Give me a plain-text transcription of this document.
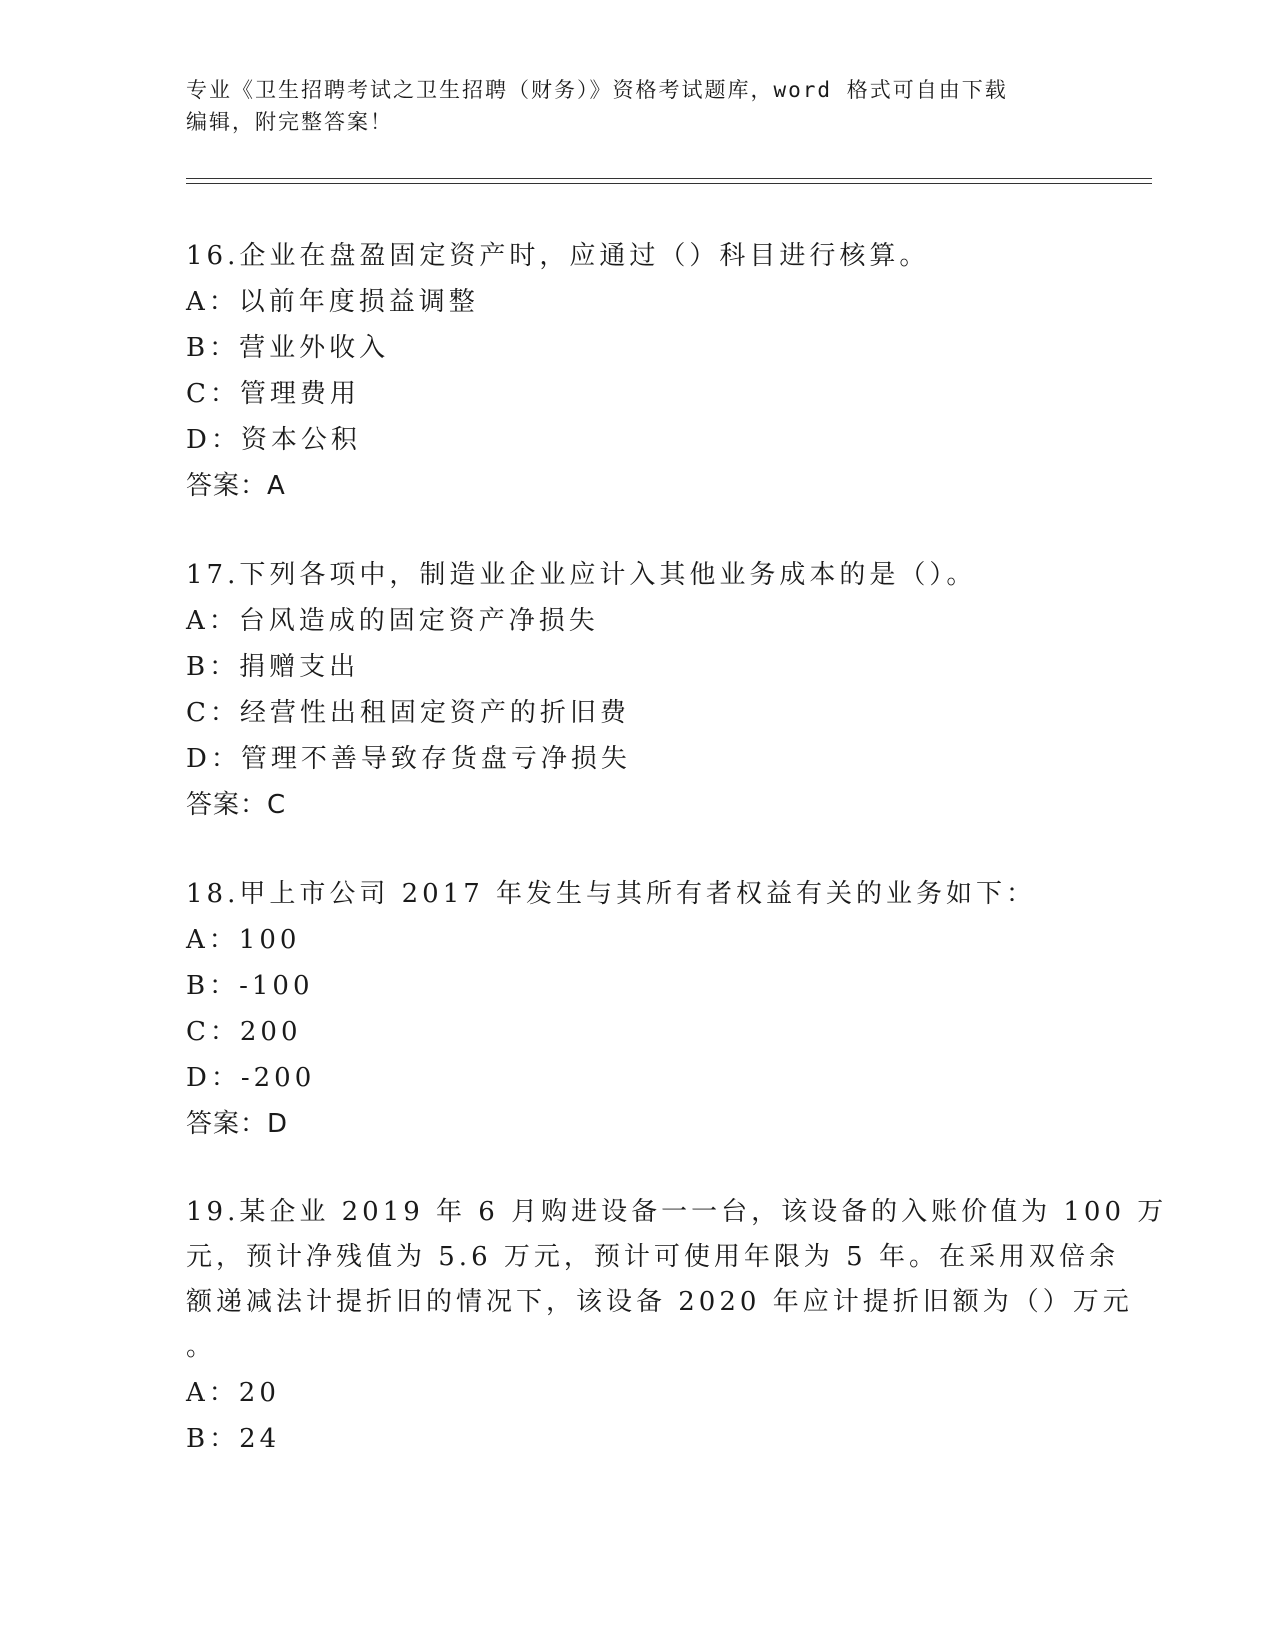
专业《卫生招聘考试之卫生招聘（财务）》资格考试题库，word 格式可自由下载
编辑，附完整答案！
16.企业在盘盈固定资产时，应通过（）科目进行核算。
A：以前年度损益调整
B：营业外收入
C：管理费用
D：资本公积
答案：A
17.下列各项中，制造业企业应计入其他业务成本的是（）。
A：台风造成的固定资产净损失
B：捐赠支出
C：经营性出租固定资产的折旧费
D：管理不善导致存货盘亏净损失
答案：C
18.甲上市公司 2017 年发生与其所有者权益有关的业务如下：
A：100
B：-100
C：200
D：-200
答案：D
19.某企业 2019 年 6 月购进设备一一台，该设备的入账价值为 100 万
元，预计净残值为 5.6 万元，预计可使用年限为 5 年。在采用双倍余
额递减法计提折旧的情况下，该设备 2020 年应计提折旧额为（）万元
。
A：20
B：24
